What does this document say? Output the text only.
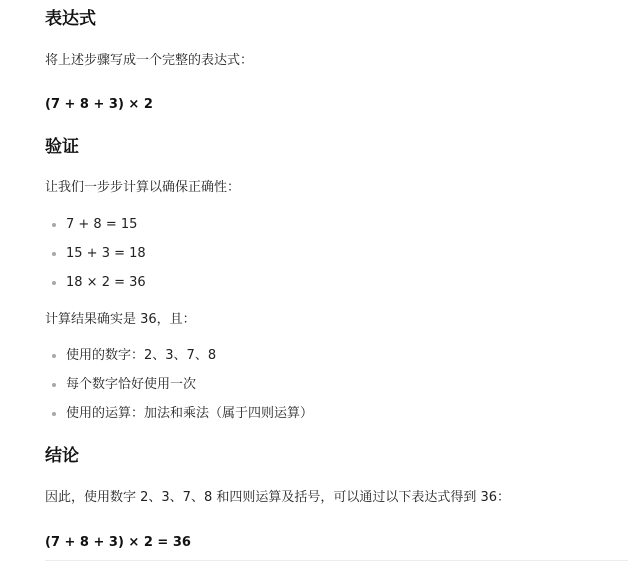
表达式

将上述步骤写成一个完整的表达式：

(7 + 8 + 3) × 2

验证

让我们一步步计算以确保正确性：

7 + 8 = 15
15 + 3 = 18
18 × 2 = 36

计算结果确实是 36，且：

使用的数字：2、3、7、8
每个数字恰好使用一次
使用的运算：加法和乘法（属于四则运算）
结论

因此，使用数字 2、3、7、8 和四则运算及括号，可以通过以下表达式得到 36：

(7 + 8 + 3) × 2 = 36
